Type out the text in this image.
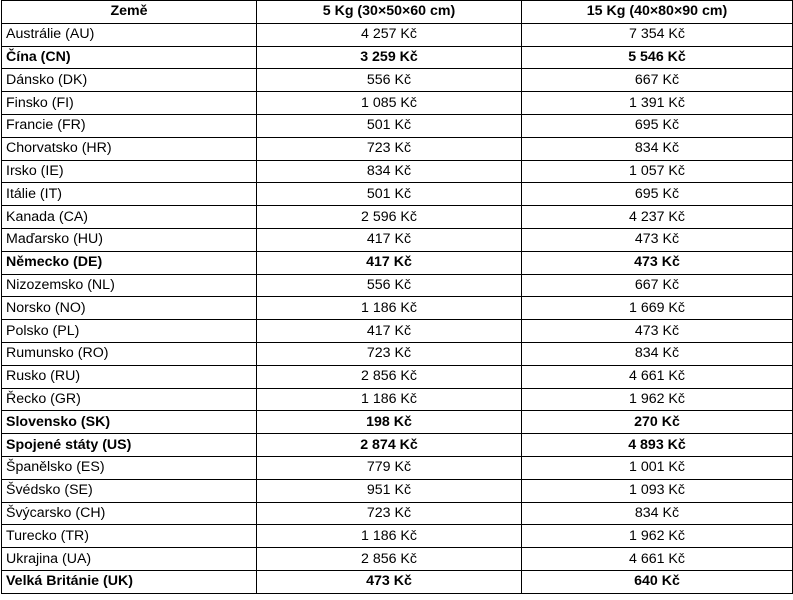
Země	5 Kg (30×50×60 cm)	15 Kg (40×80×90 cm)
Austrálie (AU)	4 257 Kč	7 354 Kč
Čína (CN)	3 259 Kč	5 546 Kč
Dánsko (DK)	556 Kč	667 Kč
Finsko (FI)	1 085 Kč	1 391 Kč
Francie (FR)	501 Kč	695 Kč
Chorvatsko (HR)	723 Kč	834 Kč
Irsko (IE)	834 Kč	1 057 Kč
Itálie (IT)	501 Kč	695 Kč
Kanada (CA)	2 596 Kč	4 237 Kč
Maďarsko (HU)	417 Kč	473 Kč
Německo (DE)	417 Kč	473 Kč
Nizozemsko (NL)	556 Kč	667 Kč
Norsko (NO)	1 186 Kč	1 669 Kč
Polsko (PL)	417 Kč	473 Kč
Rumunsko (RO)	723 Kč	834 Kč
Rusko (RU)	2 856 Kč	4 661 Kč
Řecko (GR)	1 186 Kč	1 962 Kč
Slovensko (SK)	198 Kč	270 Kč
Spojené státy (US)	2 874 Kč	4 893 Kč
Španělsko (ES)	779 Kč	1 001 Kč
Švédsko (SE)	951 Kč	1 093 Kč
Švýcarsko (CH)	723 Kč	834 Kč
Turecko (TR)	1 186 Kč	1 962 Kč
Ukrajina (UA)	2 856 Kč	4 661 Kč
Velká Británie (UK)	473 Kč	640 Kč
